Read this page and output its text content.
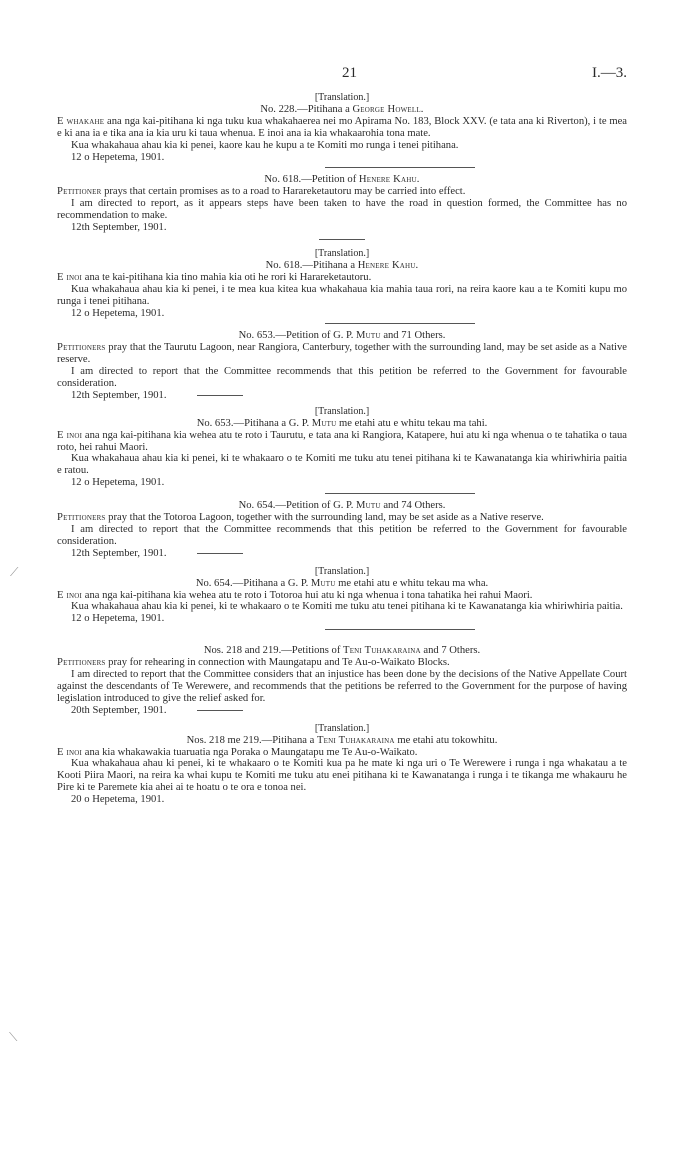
21	I.—3.

[Translation.]

No. 228.—Pitihana a George Howell.

E whakahe ana nga kai-pitihana ki nga tuku kua whakahaerea nei mo Apirama No. 183, Block XXV. (e tata ana ki Riverton), i te mea e ki ana ia e tika ana ia kia uru ki taua whenua. E inoi ana ia kia whakaarohia tona mate.

Kua whakahaua ahau kia ki penei, kaore kau he kupu a te Komiti mo runga i tenei pitihana.

12 o Hepetema, 1901.

No. 618.—Petition of Henere Kahu.

Petitioner prays that certain promises as to a road to Harareketautoru may be carried into effect.

I am directed to report, as it appears steps have been taken to have the road in question formed, the Committee has no recommendation to make.

12th September, 1901.

[Translation.]

No. 618.—Pitihana a Henere Kahu.

E inoi ana te kai-pitihana kia tino mahia kia oti he rori ki Harareketautoru.

Kua whakahaua ahau kia ki penei, i te mea kua kitea kua whakahaua kia mahia taua rori, na reira kaore kau a te Komiti kupu mo runga i tenei pitihana.

12 o Hepetema, 1901.

No. 653.—Petition of G. P. Mutu and 71 Others.

Petitioners pray that the Taurutu Lagoon, near Rangiora, Canterbury, together with the surrounding land, may be set aside as a Native reserve.

I am directed to report that the Committee recommends that this petition be referred to the Government for favourable consideration.

12th September, 1901.

[Translation.]

No. 653.—Pitihana a G. P. Mutu me etahi atu e whitu tekau ma tahi.

E inoi ana nga kai-pitihana kia wehea atu te roto i Taurutu, e tata ana ki Rangiora, Katapere, hui atu ki nga whenua o te tahatika o taua roto, hei rahui Maori.

Kua whakahaua ahau kia ki penei, ki te whakaaro o te Komiti me tuku atu tenei pitihana ki te Kawanatanga kia whiriwhiria paitia e ratou.

12 o Hepetema, 1901.

No. 654.—Petition of G. P. Mutu and 74 Others.

Petitioners pray that the Totoroa Lagoon, together with the surrounding land, may be set aside as a Native reserve.

I am directed to report that the Committee recommends that this petition be referred to the Government for favourable consideration.

12th September, 1901.

[Translation.]

No. 654.—Pitihana a G. P. Mutu me etahi atu e whitu tekau ma wha.

E inoi ana nga kai-pitihana kia wehea atu te roto i Totoroa hui atu ki nga whenua i tona tahatika hei rahui Maori.

Kua whakahaua ahau kia ki penei, ki te whakaaro o te Komiti me tuku atu tenei pitihana ki te Kawanatanga kia whiriwhiria paitia.

12 o Hepetema, 1901.

Nos. 218 and 219.—Petitions of Teni Tuhakaraina and 7 Others.

Petitioners pray for rehearing in connection with Maungatapu and Te Au-o-Waikato Blocks.

I am directed to report that the Committee considers that an injustice has been done by the decisions of the Native Appellate Court against the descendants of Te Werewere, and recommends that the petitions be referred to the Government for the purpose of having legislation introduced to give the relief asked for.

20th September, 1901.

[Translation.]

Nos. 218 me 219.—Pitihana a Teni Tuhakaraina me etahi atu tokowhitu.

E inoi ana kia whakawakia tuaruatia nga Poraka o Maungatapu me Te Au-o-Waikato.

Kua whakahaua ahau ki penei, ki te whakaaro o te Komiti kua pa he mate ki nga uri o Te Werewere i runga i nga whakatau a te Kooti Piira Maori, na reira ka whai kupu te Komiti me tuku atu enei pitihana ki te Kawanatanga i runga i te tikanga me whakauru he Pire ki te Paremete kia ahei ai te hoatu o te ora e tonoa nei.

20 o Hepetema, 1901.

⟋
⟍
